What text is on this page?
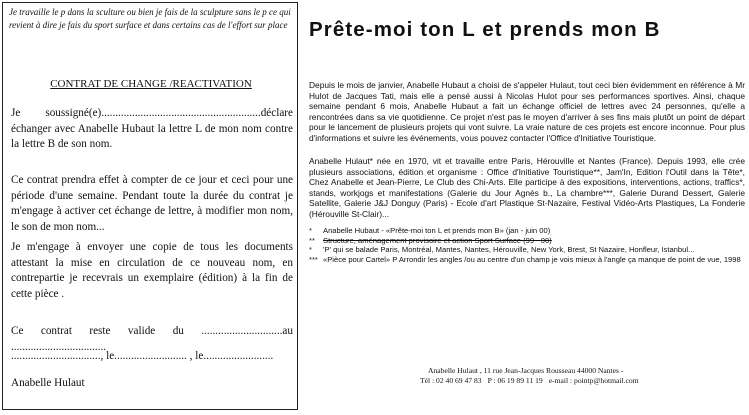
Je travaille le p dans la sculture ou bien je fais de la sculpture sans le p ce qui revient à dire je fais du sport surface et dans certains cas de l'effort sur place
CONTRAT DE CHANGE /REACTIVATION
Je soussigné(e).........................................................déclare échanger avec Anabelle Hubaut la lettre L de mon nom contre la lettre B de son nom.
Ce contrat prendra effet à compter de ce jour et ceci pour une période d'une semaine. Pendant toute la durée du contrat je m'engage à activer cet échange de lettre, à modifier mon nom, le son de mon nom...
Je m'engage à envoyer une copie de tous les documents attestant la mise en circulation de ce nouveau nom, en contrepartie je recevrais un exemplaire (édition) à la fin de cette pièce .
Ce contrat reste valide du .............................au ..................................
................................, le.......................... , le.........................
Anabelle Hulaut
Prête-moi ton L et prends mon B
Depuis le mois de janvier, Anabelle Hubaut a choisi de s'appeler Hulaut, tout ceci bien évidemment en référence à Mr Hulot de Jacques Tati, mais elle a pensé aussi à Nicolas Hulot pour ses performances sportives. Ainsi, chaque semaine pendant 6 mois, Anabelle Hubaut a fait un échange officiel de lettres avec 24 personnes, qu'elle a rencontrées dans sa vie quotidienne. Ce projet n'est pas le moyen d'arriver à ses fins mais plutôt un point de départ pour le lancement de plusieurs projets qui vont suivre. La vraie nature de ces projets est encore inconnue. Pour plus d'informations et suivre les événements, vous pouvez contacter l'Office d'Initiative Touristique.
Anabelle Hulaut* née en 1970, vit et travaille entre Paris, Hérouville et Nantes (France). Depuis 1993, elle crée plusieurs associations, édition et organisme : Office d'Initiative Touristique**, Jam'In, Edition l'Outil dans la Tête*, Chez Anabelle et Jean-Pierre, Le Club des Chi-Arts. Elle participe à des expositions, interventions, actions, traffics*, stands, workjogs et manifestations (Galerie du Jour Agnès b., La chambre***, Galerie Durand Dessert, Galerie Satellite, Galerie J&J Donguy (Paris) - Ecole d'art Plastique St-Nazaire, Festival Vidéo-Arts Plastiques, La Fonderie (Hérouville St-Clair)...
* Anabelle Hubaut - «Prête-moi ton L et prends mon B» (jan - juin 00)
** Structure, aménagement provisoire et action Sport Surface (99 - 00)
* 'P' qui se balade Paris, Montréal, Mantes, Nantes, Hérouville, New York, Brest, St Nazaire, Honfleur, Istanbul...
*** «Pièce pour Cartel» P Arrondir les angles /ou au centre d'un champ je vois mieux à l'angle ça manque de point de vue, 1998
Anabelle Hulaut , 11 rue Jean-Jacques Rousseau 44000 Nantes -
Tél : 02 40 69 47 83 P : 06 19 89 11 19 e-mail : pointp@hotmail.com
